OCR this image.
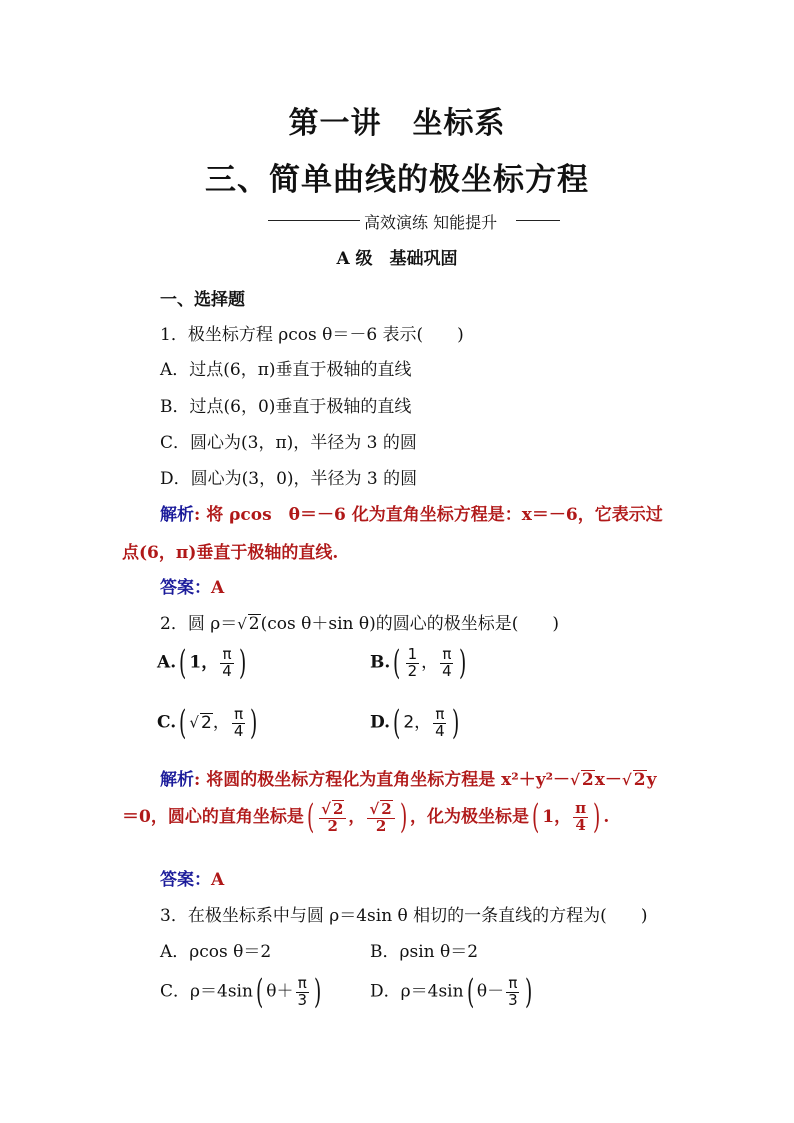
第一讲　坐标系
三、简单曲线的极坐标方程
高效演练 知能提升
A 级　基础巩固
一、选择题
1．极坐标方程 ρcos θ＝－6 表示(　　)
A．过点(6，π)垂直于极轴的直线
B．过点(6，0)垂直于极轴的直线
C．圆心为(3，π)，半径为 3 的圆
D．圆心为(3，0)，半径为 3 的圆
解析: 将 ρcos　θ＝－6 化为直角坐标方程是：x＝－6，它表示过
点(6，π)垂直于极轴的直线.
答案：A
2．圆 ρ＝√ 2(cos θ＋sin θ)的圆心的极坐标是(　　)
A.( 1， $\frac{\pi}{4}$ )	$B.( \frac{1}{2}$ ， $\frac{\pi}{4}$ )
C.( √ 2， $\frac{\pi}{4}$ )	D.( 2， $\frac{\pi}{4}$ )
解析: 将圆的极坐标方程化为直角坐标方程是 x²＋y²－√ 2x－√ 2y
＝0，圆心的直角坐标是( $\frac{√ 2}{2}$ ， $\frac{√ 2}{2}$ ) ，化为极坐标是( 1， $\frac{\pi}{4}$ ) .
答案：A
3．在极坐标系中与圆 ρ＝4sin θ 相切的一条直线的方程为(　　)
A．ρcos θ＝2	B．ρsin θ＝2
C．ρ＝4sin( $\theta+ \frac{\pi}{3}$ )	D．ρ＝4sin( $\theta- \frac{\pi}{3}$ )
